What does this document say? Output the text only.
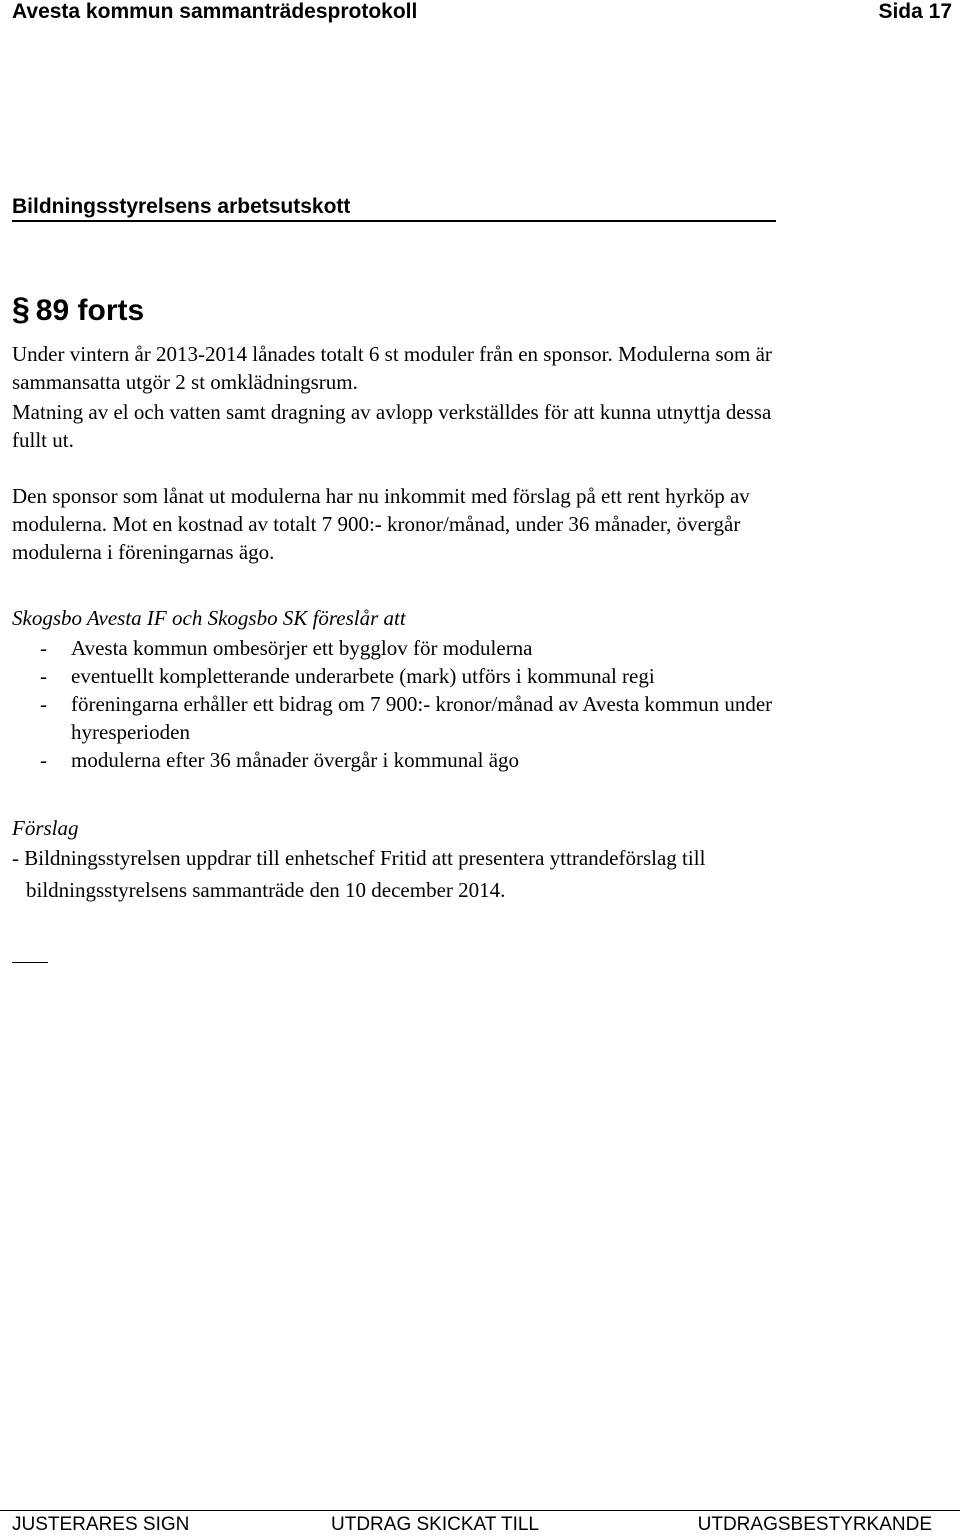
Avesta kommun sammanträdesprotokoll	Sida 17
Bildningsstyrelsens arbetsutskott
§ 89 forts
Under vintern år 2013-2014 lånades totalt 6 st moduler från en sponsor. Modulerna som är
sammansatta utgör 2 st omklädningsrum.
Matning av el och vatten samt dragning av avlopp verkställdes för att kunna utnyttja dessa
fullt ut.
Den sponsor som lånat ut modulerna har nu inkommit med förslag på ett rent hyrköp av
modulerna. Mot en kostnad av totalt 7 900:- kronor/månad, under 36 månader, övergår
modulerna i föreningarnas ägo.
Skogsbo Avesta IF och Skogsbo SK föreslår att
- Avesta kommun ombesörjer ett bygglov för modulerna
- eventuellt kompletterande underarbete (mark) utförs i kommunal regi
- föreningarna erhåller ett bidrag om 7 900:- kronor/månad av Avesta kommun under
hyresperioden
- modulerna efter 36 månader övergår i kommunal ägo
Förslag
- Bildningsstyrelsen uppdrar till enhetschef Fritid att presentera yttrandeförslag till
bildningsstyrelsens sammanträde den 10 december 2014.
JUSTERARES SIGN	UTDRAG SKICKAT TILL	UTDRAGSBESTYRKANDE
